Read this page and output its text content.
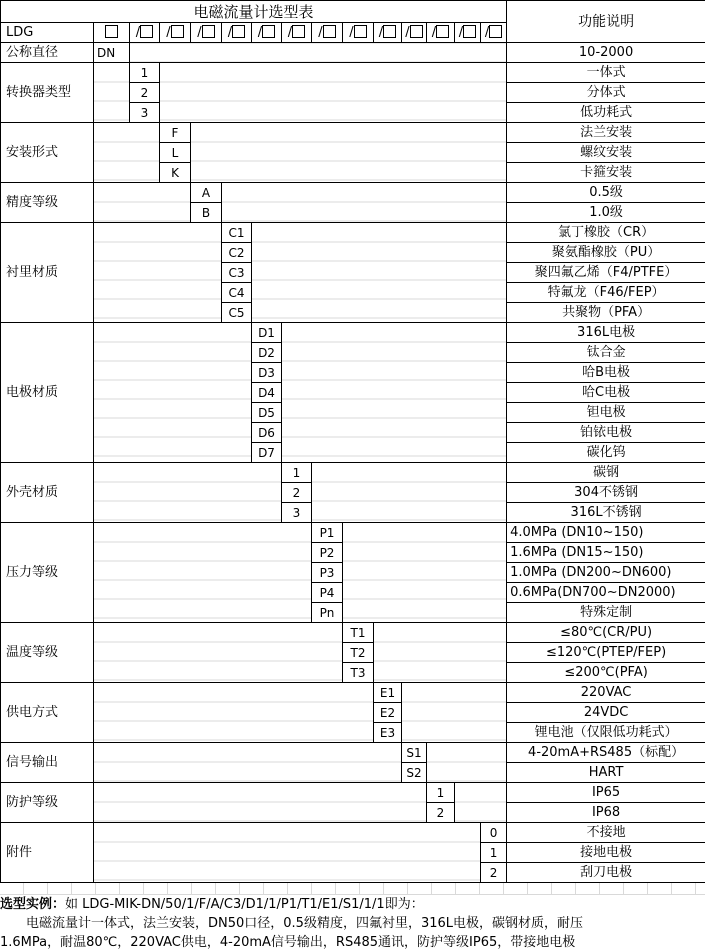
电磁流量计选型表															功能说明
LDG		/	/	/	/	/	/	/	/	/	/	/	/	/	
公称直径	DN														10-2000
转换器类型		1													一体式
		2													分体式
		3													低功耗式
安装形式			F												法兰安装
			L												螺纹安装
			K												卡箍安装
精度等级				A											0.5级
				B											1.0级
衬里材质					C1										氯丁橡胶（CR）
					C2										聚氨酯橡胶（PU）
					C3										聚四氟乙烯（F4/PTFE）
					C4										特氟龙（F46/FEP）
					C5										共聚物（PFA）
电极材质						D1									316L电极
						D2									钛合金
						D3									哈B电极
						D4									哈C电极
						D5									钽电极
						D6									铂铱电极
						D7									碳化钨
外壳材质							1								碳钢
							2								304不锈钢
							3								316L不锈钢
压力等级								P1							4.0MPa (DN10~150)
								P2							1.6MPa (DN15~150)
								P3							1.0MPa (DN200~DN600)
								P4							0.6MPa(DN700~DN2000)
								Pn							特殊定制
温度等级									T1						≤80℃(CR/PU)
									T2						≤120℃(PTEP/FEP)
									T3						≤200℃(PFA)
供电方式										E1					220VAC
										E2					24VDC
										E3					锂电池（仅限低功耗式）
信号输出											S1				4-20mA+RS485（标配）
											S2				HART
防护等级												1			IP65
												2			IP68
附件														0	不接地
														1	接地电极
														2	刮刀电极

选型实例：如 LDG-MIK-DN/50/1/F/A/C3/D1/1/P1/T1/E1/S1/1/1即为：

电磁流量计一体式，法兰安装，DN50口径，0.5级精度，四氟衬里，316L电极，碳钢材质，耐压

1.6MPa，耐温80℃，220VAC供电，4-20mA信号输出，RS485通讯，防护等级IP65，带接地电极
